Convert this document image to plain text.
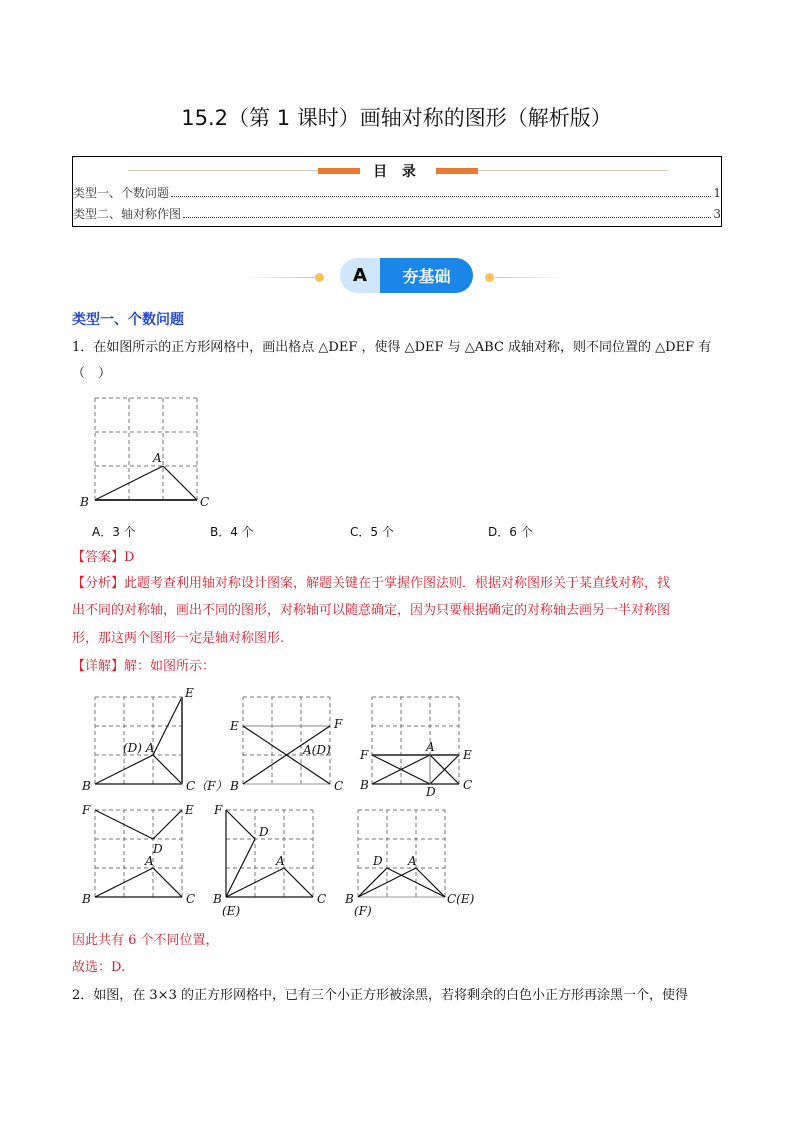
15.2（第 1 课时）画轴对称的图形（解析版）
目 录
类型一、个数问题	1
类型二、轴对称作图	3
A	夯基础
类型一、个数问题
1．在如图所示的正方形网格中，画出格点 △DEF ，使得 △DEF 与 △ABC 成轴对称，则不同位置的 △DEF 有
（　）
A
B	C
A．3 个	B．4 个	C．5 个	D．6 个
【答案】D
【分析】此题考查利用轴对称设计图案，解题关键在于掌握作图法则．根据对称图形关于某直线对称，找
出不同的对称轴，画出不同的图形，对称轴可以随意确定，因为只要根据确定的对称轴去画另一半对称图
形，那这两个图形一定是轴对称图形.
【详解】解：如图所示：
B	C（F）
(D) A
E
B	C
A(D)
E	F
B	C
A
D
F	E
B	C
A
D
F	E
B
(E)
C
A
D
F
B
(F)
C(E)
A
D
因此共有 6 个不同位置，
故选：D.
2．如图，在 3×3 的正方形网格中，已有三个小正方形被涂黑，若将剩余的白色小正方形再涂黑一个，使得
